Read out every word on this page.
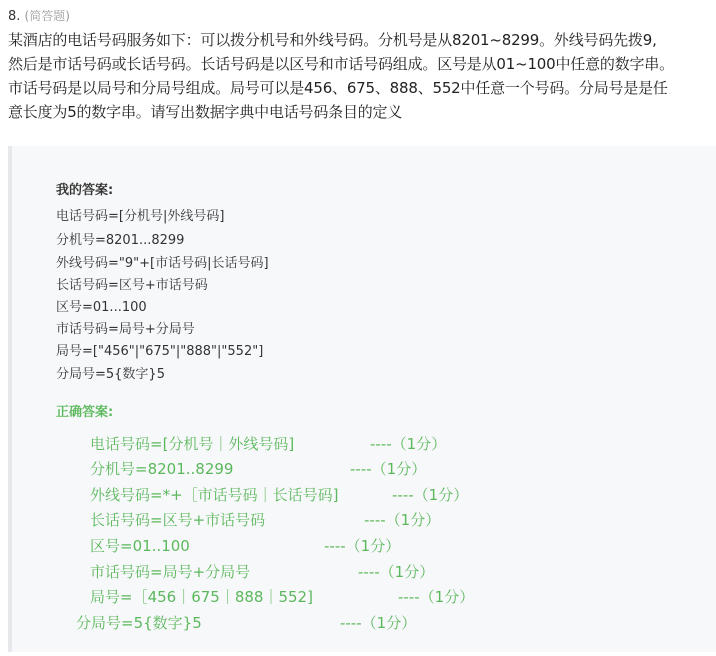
8. (简答题)
某酒店的电话号码服务如下：可以拨分机号和外线号码。分机号是从8201~8299。外线号码先拨9,
然后是市话号码或长话号码。长话号码是以区号和市话号码组成。区号是从01~100中任意的数字串。
市话号码是以局号和分局号组成。局号可以是456、675、888、552中任意一个号码。分局号是是任
意长度为5的数字串。请写出数据字典中电话号码条目的定义
我的答案:
电话号码=[分机号|外线号码]
分机号=8201...8299
外线号码="9"+[市话号码|长话号码]
长话号码=区号+市话号码
区号=01...100
市话号码=局号+分局号
局号=["456"|"675"|"888"|"552"]
分局号=5{数字}5
正确答案:
电话号码=[分机号｜外线号码]	----（1分）
分机号=8201..8299	----（1分）
外线号码=*+［市话号码｜长话号码]	----（1分）
长话号码=区号+市话号码	----（1分）
区号=01..100	----（1分）
市话号码=局号+分局号	----（1分）
局号=［456｜675｜888｜552]	----（1分）
分局号=5{数字}5	----（1分）
